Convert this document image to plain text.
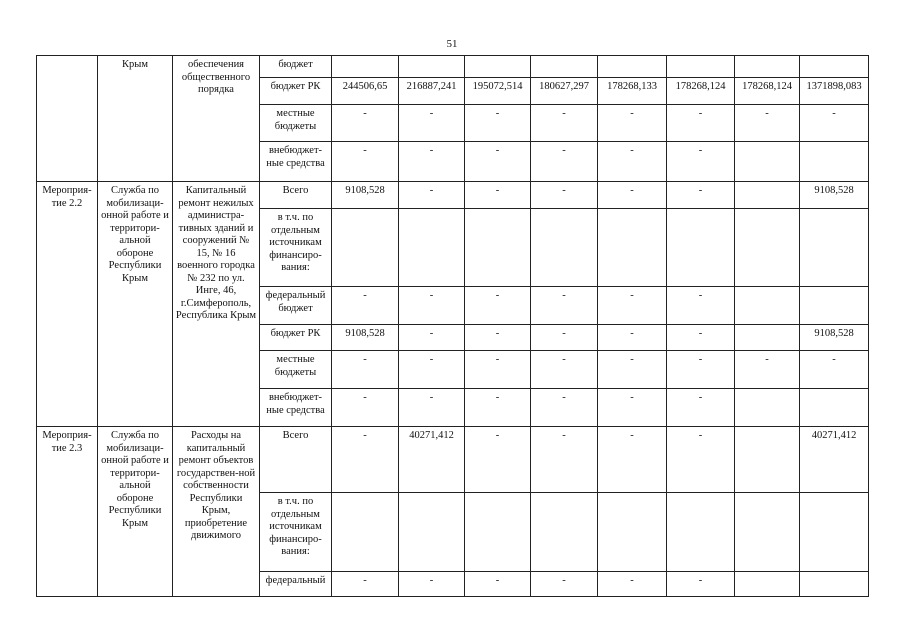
51
	Крым	обеспечения общественного порядка	бюджет								
			бюджет РК	244506,65	216887,241	195072,514	180627,297	178268,133	178268,124	178268,124	1371898,083
			местные бюджеты	-	-	-	-	-	-	-	-
			внебюджет-ные средства	-	-	-	-	-	-		
Мероприя-тие 2.2	Служба по мобилизаци-онной работе и территори-альной обороне Республики Крым	Капитальный ремонт нежилых администра-тивных зданий и сооружений № 15, № 16 военного городка № 232 по ул. Инге, 46, г.Симферополь, Республика Крым	Всего	9108,528	-	-	-	-	-		9108,528
			в т.ч. по отдельным источникам финансиро-вания:								
			федеральный бюджет	-	-	-	-	-	-		
			бюджет РК	9108,528	-	-	-	-	-		9108,528
			местные бюджеты	-	-	-	-	-	-	-	-
			внебюджет-ные средства	-	-	-	-	-	-		
Мероприя-тие 2.3	Служба по мобилизаци-онной работе и территори-альной обороне Республики Крым	Расходы на капитальный ремонт объектов государствен-ной собственности Республики Крым, приобретение движимого	Всего	-	40271,412	-	-	-	-		40271,412
			в т.ч. по отдельным источникам финансиро-вания:								
			федеральный	-	-	-	-	-	-		
